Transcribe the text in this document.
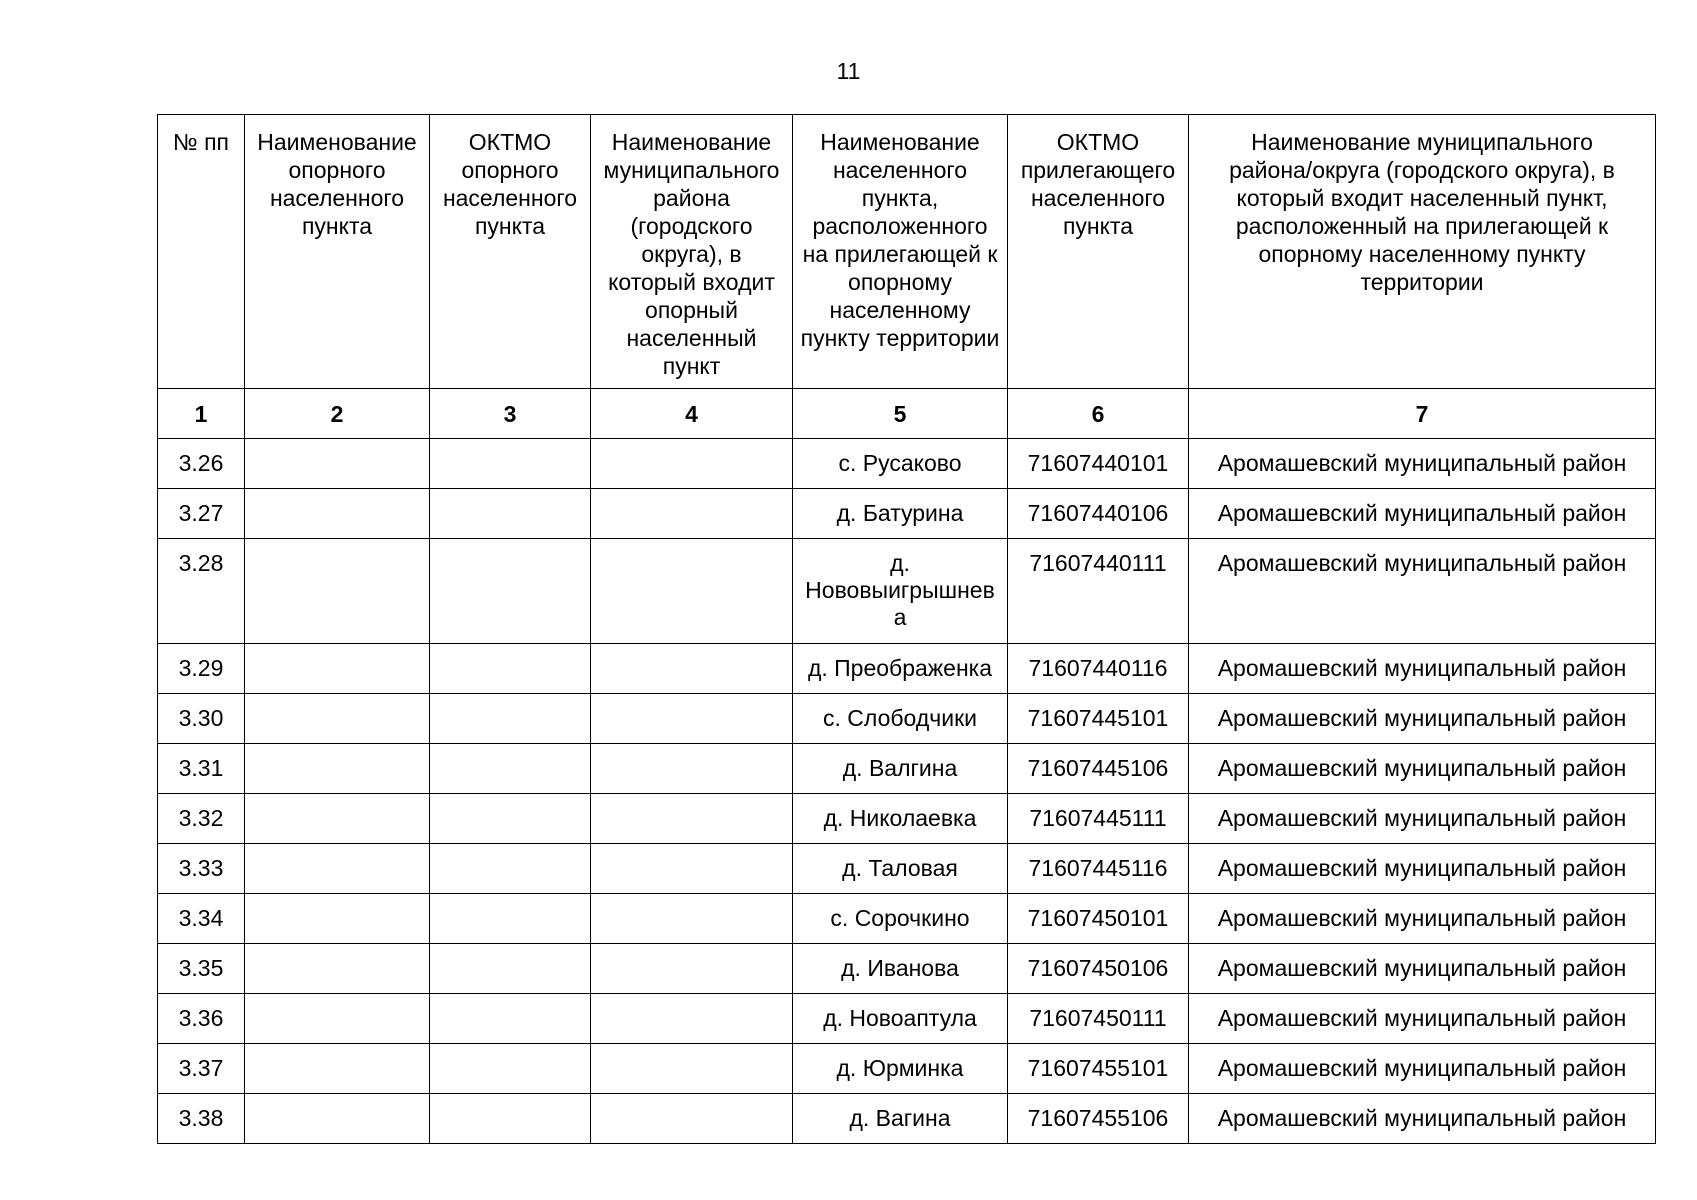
11
№ пп	Наименование опорного населенного пункта	ОКТМО опорного населенного пункта	Наименование муниципального района (городского округа), в который входит опорный населенный пункт	Наименование населенного пункта, расположенного на прилегающей к опорному населенному пункту территории	ОКТМО прилегающего населенного пункта	Наименование муниципального района/округа (городского округа), в который входит населенный пункт, расположенный на прилегающей к опорному населенному пункту территории
1	2	3	4	5	6	7
3.26				с. Русаково	71607440101	Аромашевский муниципальный район
3.27				д. Батурина	71607440106	Аромашевский муниципальный район
3.28				д.
Нововыигрышнев
а	71607440111	Аромашевский муниципальный район
3.29				д. Преображенка	71607440116	Аромашевский муниципальный район
3.30				с. Слободчики	71607445101	Аромашевский муниципальный район
3.31				д. Валгина	71607445106	Аромашевский муниципальный район
3.32				д. Николаевка	71607445111	Аромашевский муниципальный район
3.33				д. Таловая	71607445116	Аромашевский муниципальный район
3.34				с. Сорочкино	71607450101	Аромашевский муниципальный район
3.35				д. Иванова	71607450106	Аромашевский муниципальный район
3.36				д. Новоаптула	71607450111	Аромашевский муниципальный район
3.37				д. Юрминка	71607455101	Аромашевский муниципальный район
3.38				д. Вагина	71607455106	Аромашевский муниципальный район
